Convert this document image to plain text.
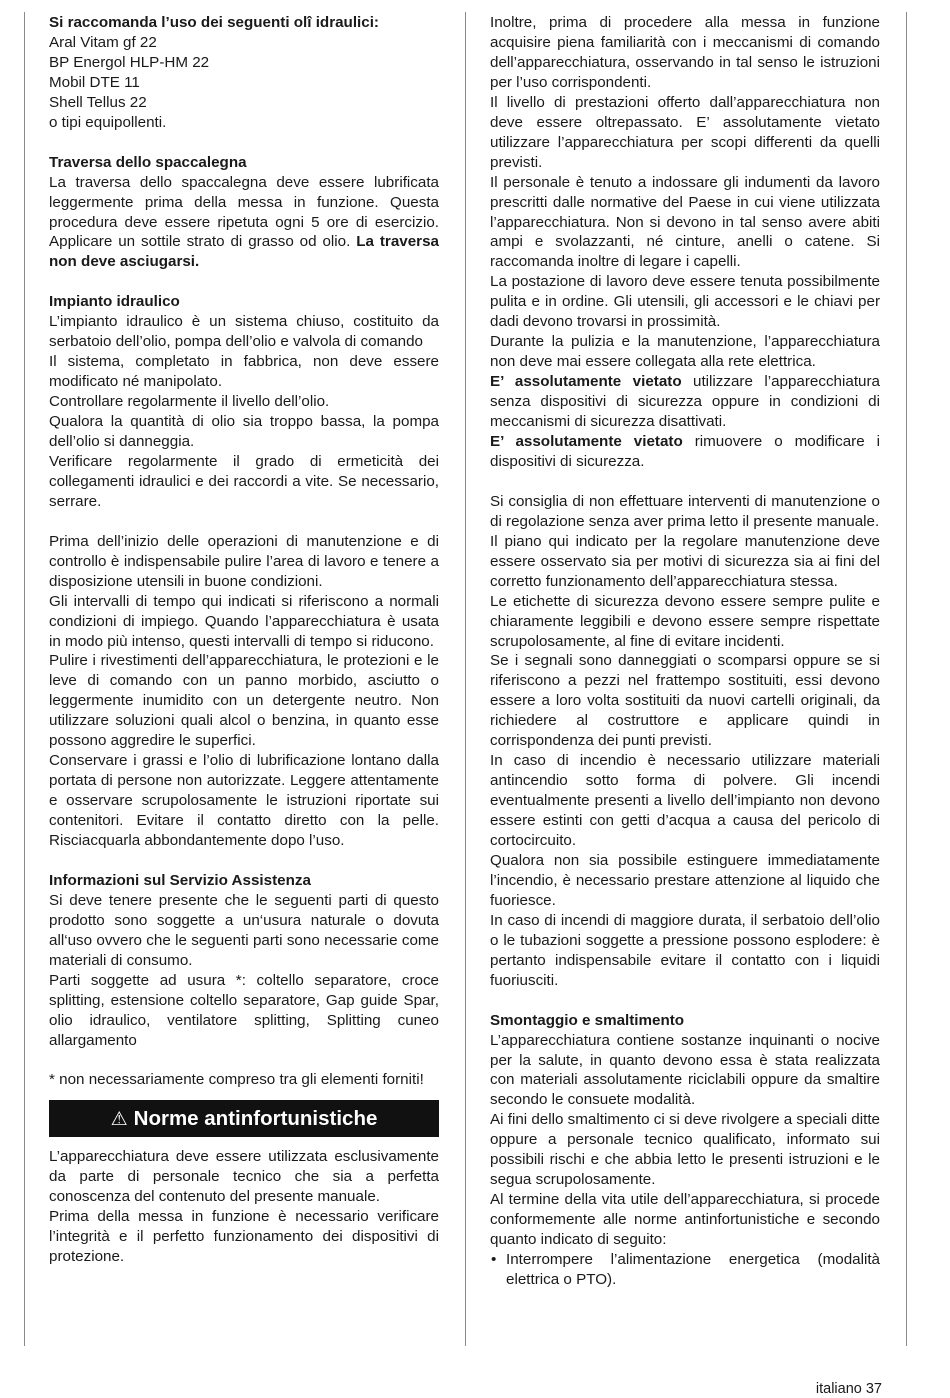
Si raccomanda l’uso dei seguenti olî idraulici:

Aral Vitam gf 22

BP Energol HLP-HM 22

Mobil DTE 11

Shell Tellus 22

o tipi equipollenti.

Traversa dello spaccalegna

La traversa dello spaccalegna deve essere lubrificata leggermente prima della messa in funzione. Questa procedura deve essere ripetuta ogni 5 ore di esercizio. Applicare un sottile strato di grasso od olio. La traversa non deve asciugarsi.

Impianto idraulico

L’impianto idraulico è un sistema chiuso, costituito da serbatoio dell’olio, pompa dell’olio e valvola di comando

Il sistema, completato in fabbrica, non deve essere modificato né manipolato.

Controllare regolarmente il livello dell’olio.

Qualora la quantità di olio sia troppo bassa, la pompa dell’olio si danneggia.

Verificare regolarmente il grado di ermeticità dei collegamenti idraulici e dei raccordi a vite. Se necessario, serrare.

Prima dell’inizio delle operazioni di manutenzione e di controllo è indispensabile pulire l’area di lavoro e tenere a disposizione utensili in buone condizioni.

Gli intervalli di tempo qui indicati si riferiscono a normali condizioni di impiego. Quando l’apparecchiatura è usata in modo più intenso, questi intervalli di tempo si riducono.

Pulire i rivestimenti dell’apparecchiatura, le protezioni e le leve di comando con un panno morbido, asciutto o leggermente inumidito con un detergente neutro. Non utilizzare soluzioni quali alcol o benzina, in quanto esse possono aggredire le superfici.

Conservare i grassi e l’olio di lubrificazione lontano dalla portata di persone non autorizzate. Leggere attentamente e osservare scrupolosamente le istruzioni riportate sui contenitori. Evitare il contatto diretto con la pelle. Risciacquarla abbondantemente dopo l’uso.

Informazioni sul Servizio Assistenza

Si deve tenere presente che le seguenti parti di questo prodotto sono soggette a un‘usura naturale o dovuta all‘uso ovvero che le seguenti parti sono necessarie come materiali di consumo.

Parti soggette ad usura *: coltello separatore, croce splitting, estensione coltello separatore, Gap guide Spar, olio idraulico, ventilatore splitting, Splitting cuneo allargamento

* non necessariamente compreso tra gli elementi forniti!

⚠ Norme antinfortunistiche

L’apparecchiatura deve essere utilizzata esclusivamente da parte di personale tecnico che sia a perfetta conoscenza del contenuto del presente manuale.

Prima della messa in funzione è necessario verificare l’integrità e il perfetto funzionamento dei dispositivi di protezione.

Inoltre, prima di procedere alla messa in funzione acquisire piena familiarità con i meccanismi di comando dell’apparecchiatura, osservando in tal senso le istruzioni per l’uso corrispondenti.

Il livello di prestazioni offerto dall’apparecchiatura non deve essere oltrepassato. E’ assolutamente vietato utilizzare l’apparecchiatura per scopi differenti da quelli previsti.

Il personale è tenuto a indossare gli indumenti da lavoro prescritti dalle normative del Paese in cui viene utilizzata l’apparecchiatura. Non si devono in tal senso avere abiti ampi e svolazzanti, né cinture, anelli o catene. Si raccomanda inoltre di legare i capelli.

La postazione di lavoro deve essere tenuta possibilmente pulita e in ordine. Gli utensili, gli accessori e le chiavi per dadi devono trovarsi in prossimità.

Durante la pulizia e la manutenzione, l’apparecchiatura non deve mai essere collegata alla rete elettrica.

E’ assolutamente vietato utilizzare l’apparecchiatura senza dispositivi di sicurezza oppure in condizioni di meccanismi di sicurezza disattivati.

E’ assolutamente vietato rimuovere o modificare i dispositivi di sicurezza.

Si consiglia di non effettuare interventi di manutenzione o di regolazione senza aver prima letto il presente manuale.

Il piano qui indicato per la regolare manutenzione deve essere osservato sia per motivi di sicurezza sia ai fini del corretto funzionamento dell’apparecchiatura stessa.

Le etichette di sicurezza devono essere sempre pulite e chiaramente leggibili e devono essere sempre rispettate scrupolosamente, al fine di evitare incidenti.

Se i segnali sono danneggiati o scomparsi oppure se si riferiscono a pezzi nel frattempo sostituiti, essi devono essere a loro volta sostituiti da nuovi cartelli originali, da richiedere al costruttore e applicare quindi in corrispondenza dei punti previsti.

In caso di incendio è necessario utilizzare materiali antincendio sotto forma di polvere. Gli incendi eventualmente presenti a livello dell’impianto non devono essere estinti con getti d’acqua a causa del pericolo di cortocircuito.

Qualora non sia possibile estinguere immediatamente l’incendio, è necessario prestare attenzione al liquido che fuoriesce.

In caso di incendi di maggiore durata, il serbatoio dell’olio o le tubazioni soggette a pressione possono esplodere: è pertanto indispensabile evitare il contatto con i liquidi fuoriusciti.

Smontaggio e smaltimento

L’apparecchiatura contiene sostanze inquinanti o nocive per la salute, in quanto devono essa è stata realizzata con materiali assolutamente riciclabili oppure da smaltire secondo le consuete modalità.

Ai fini dello smaltimento ci si deve rivolgere a speciali ditte oppure a personale tecnico qualificato, informato sui possibili rischi e che abbia letto le presenti istruzioni e le segua scrupolosamente.

Al termine della vita utile dell’apparecchiatura, si procede conformemente alle norme antinfortunistiche e secondo quanto indicato di seguito:

• Interrompere l’alimentazione energetica (modalità elettrica o PTO).
italiano 37
